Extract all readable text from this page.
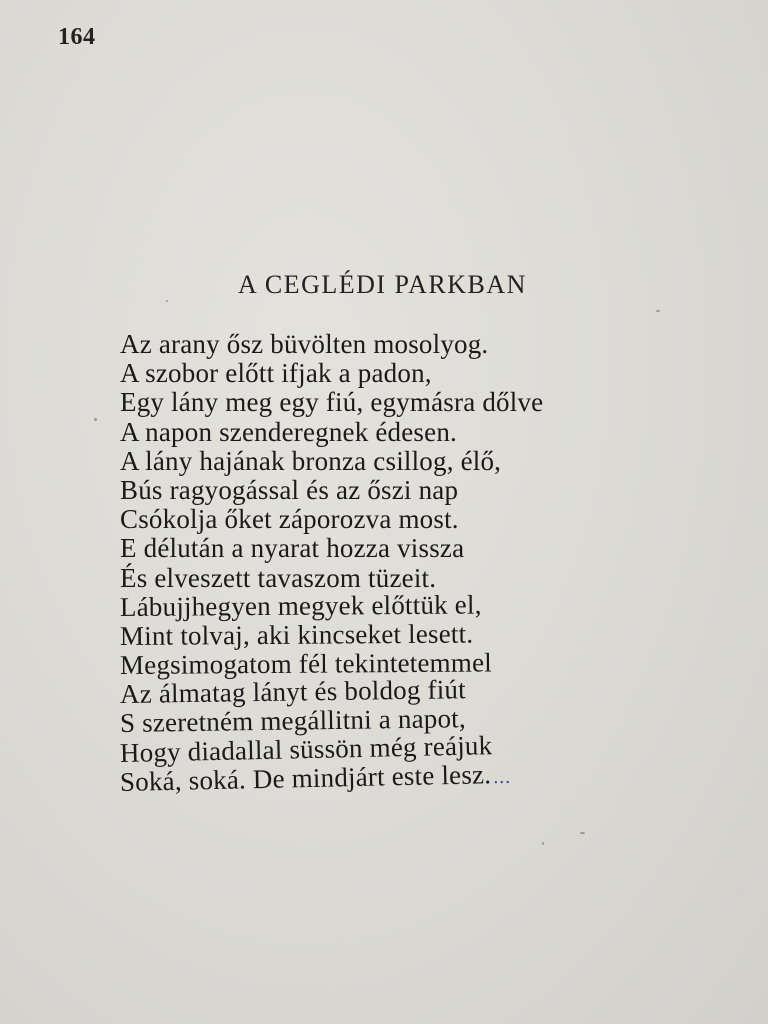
164
A CEGLÉDI PARKBAN
Az arany ősz büvölten mosolyog.
A szobor előtt ifjak a padon,
Egy lány meg egy fiú, egymásra dőlve
A napon szenderegnek édesen.
A lány hajának bronza csillog, élő,
Bús ragyogással és az őszi nap
Csókolja őket záporozva most.
E délután a nyarat hozza vissza
És elveszett tavaszom tüzeit.
Lábujjhegyen megyek előttük el,
Mint tolvaj, aki kincseket lesett.
Megsimogatom fél tekintetemmel
Az álmatag lányt és boldog fiút
S szeretném megállitni a napot,
Hogy diadallal süssön még reájuk
Soká, soká. De mindjárt este lesz....
